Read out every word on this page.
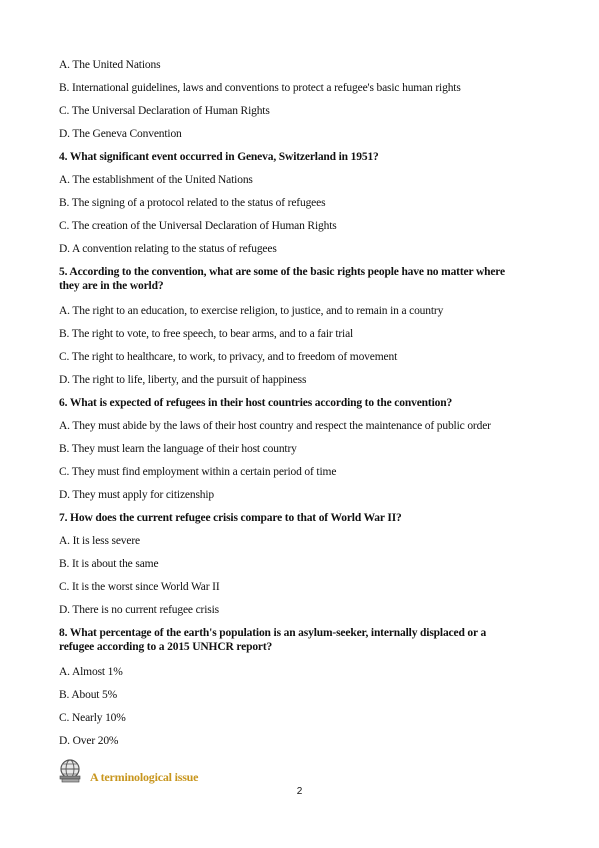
A. The United Nations
B. International guidelines, laws and conventions to protect a refugee's basic human rights
C. The Universal Declaration of Human Rights
D. The Geneva Convention
4. What significant event occurred in Geneva, Switzerland in 1951?
A. The establishment of the United Nations
B. The signing of a protocol related to the status of refugees
C. The creation of the Universal Declaration of Human Rights
D. A convention relating to the status of refugees
5. According to the convention, what are some of the basic rights people have no matter where
they are in the world?
A. The right to an education, to exercise religion, to justice, and to remain in a country
B. The right to vote, to free speech, to bear arms, and to a fair trial
C. The right to healthcare, to work, to privacy, and to freedom of movement
D. The right to life, liberty, and the pursuit of happiness
6. What is expected of refugees in their host countries according to the convention?
A. They must abide by the laws of their host country and respect the maintenance of public order
B. They must learn the language of their host country
C. They must find employment within a certain period of time
D. They must apply for citizenship
7. How does the current refugee crisis compare to that of World War II?
A. It is less severe
B. It is about the same
C. It is the worst since World War II
D. There is no current refugee crisis
8. What percentage of the earth's population is an asylum-seeker, internally displaced or a
refugee according to a 2015 UNHCR report?
A. Almost 1%
B. About 5%
C. Nearly 10%
D. Over 20%
A terminological issue
2
